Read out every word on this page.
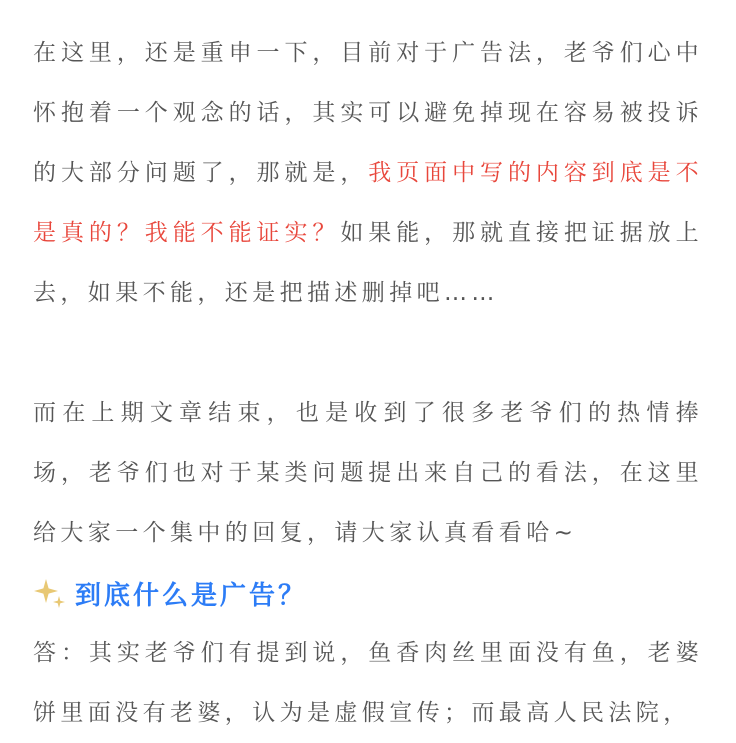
在这里，还是重申一下，目前对于广告法，老爷们心中怀抱着一个观念的话，其实可以避免掉现在容易被投诉的大部分问题了，那就是，我页面中写的内容到底是不是真的？我能不能证实？如果能，那就直接把证据放上去，如果不能，还是把描述删掉吧……

而在上期文章结束，也是收到了很多老爷们的热情捧场，老爷们也对于某类问题提出来自己的看法，在这里给大家一个集中的回复，请大家认真看看哈~

到底什么是广告？

答：其实老爷们有提到说，鱼香肉丝里面没有鱼，老婆饼里面没有老婆，认为是虚假宣传；而最高人民法院，
